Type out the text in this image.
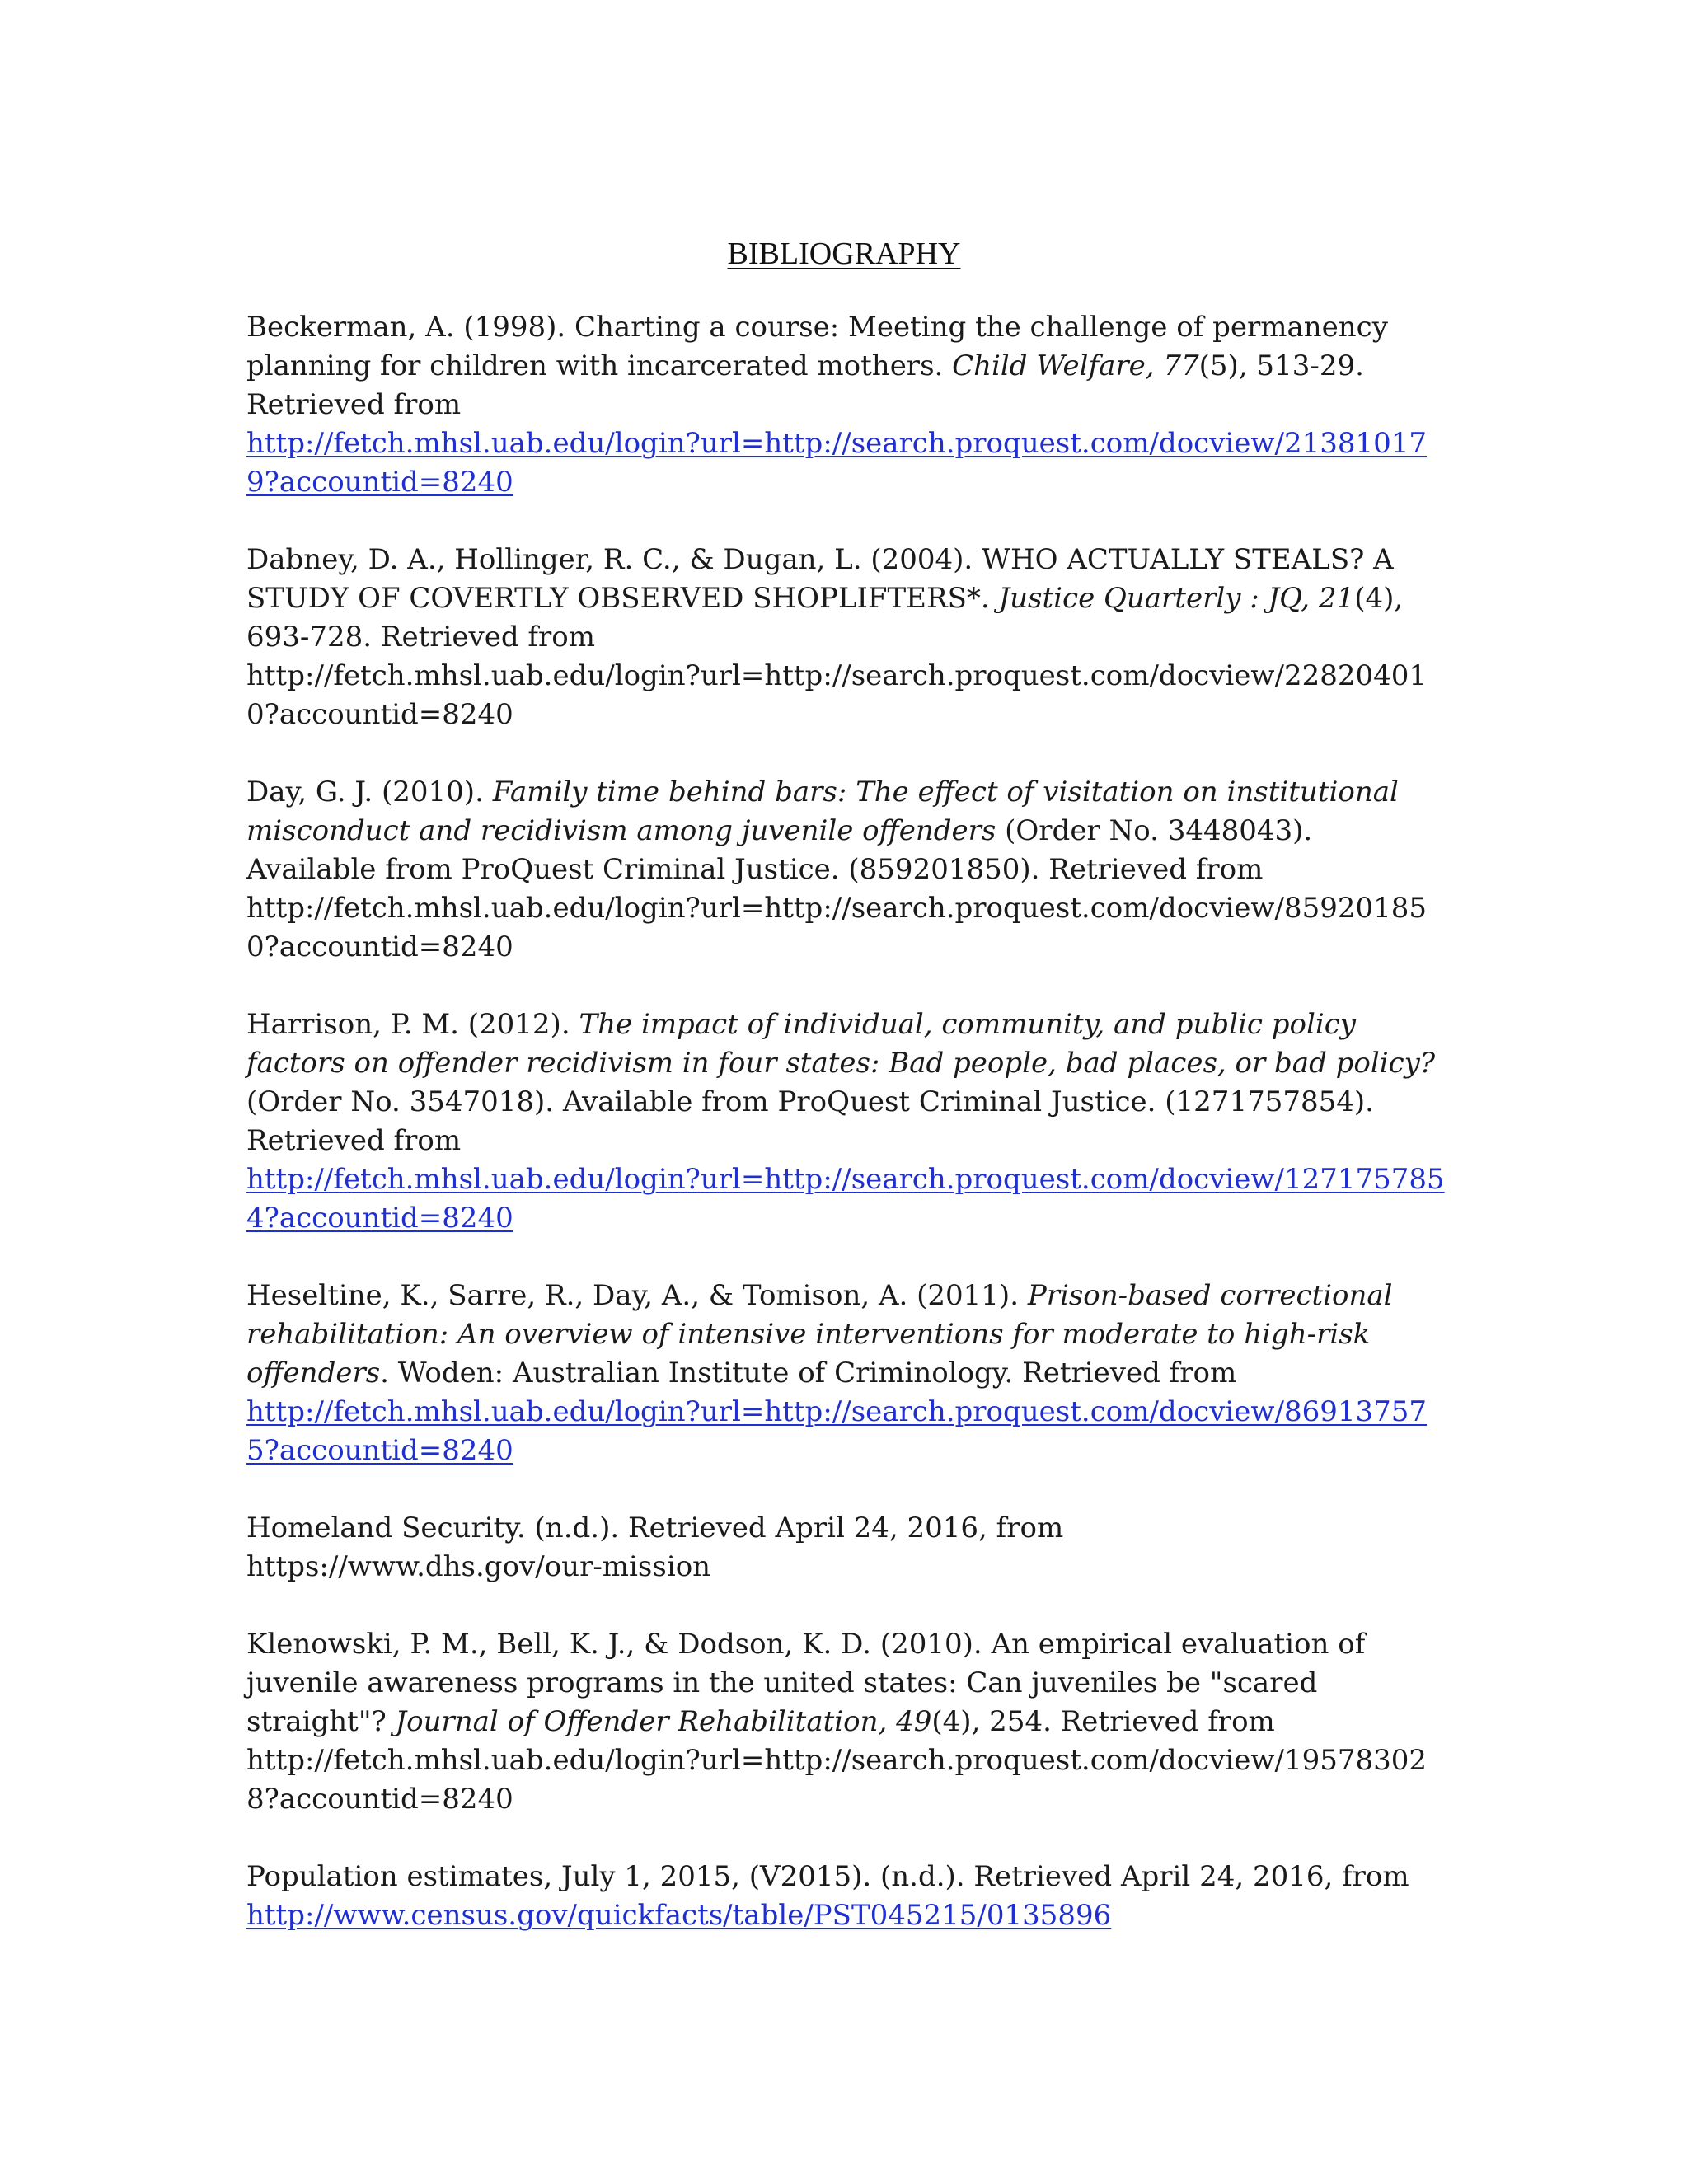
BIBLIOGRAPHY

Beckerman, A. (1998). Charting a course: Meeting the challenge of permanency planning for children with incarcerated mothers. Child Welfare, 77(5), 513-29. Retrieved from
http://fetch.mhsl.uab.edu/login?url=http://search.proquest.com/docview/213810179?accountid=8240

Dabney, D. A., Hollinger, R. C., & Dugan, L. (2004). WHO ACTUALLY STEALS? A STUDY OF COVERTLY OBSERVED SHOPLIFTERS*. Justice Quarterly : JQ, 21(4), 693-728. Retrieved from
http://fetch.mhsl.uab.edu/login?url=http://search.proquest.com/docview/228204010?accountid=8240

Day, G. J. (2010). Family time behind bars: The effect of visitation on institutional misconduct and recidivism among juvenile offenders (Order No. 3448043). Available from ProQuest Criminal Justice. (859201850). Retrieved from
http://fetch.mhsl.uab.edu/login?url=http://search.proquest.com/docview/859201850?accountid=8240

Harrison, P. M. (2012). The impact of individual, community, and public policy factors on offender recidivism in four states: Bad people, bad places, or bad policy?(Order No. 3547018). Available from ProQuest Criminal Justice. (1271757854). Retrieved from
http://fetch.mhsl.uab.edu/login?url=http://search.proquest.com/docview/1271757854?accountid=8240

Heseltine, K., Sarre, R., Day, A., & Tomison, A. (2011). Prison-based correctional rehabilitation: An overview of intensive interventions for moderate to high-risk offenders. Woden: Australian Institute of Criminology. Retrieved from
http://fetch.mhsl.uab.edu/login?url=http://search.proquest.com/docview/869137575?accountid=8240

Homeland Security. (n.d.). Retrieved April 24, 2016, from
https://www.dhs.gov/our-mission

Klenowski, P. M., Bell, K. J., & Dodson, K. D. (2010). An empirical evaluation of juvenile awareness programs in the united states: Can juveniles be "scared straight"? Journal of Offender Rehabilitation, 49(4), 254. Retrieved from
http://fetch.mhsl.uab.edu/login?url=http://search.proquest.com/docview/195783028?accountid=8240

Population estimates, July 1, 2015, (V2015). (n.d.). Retrieved April 24, 2016, from
http://www.census.gov/quickfacts/table/PST045215/0135896
